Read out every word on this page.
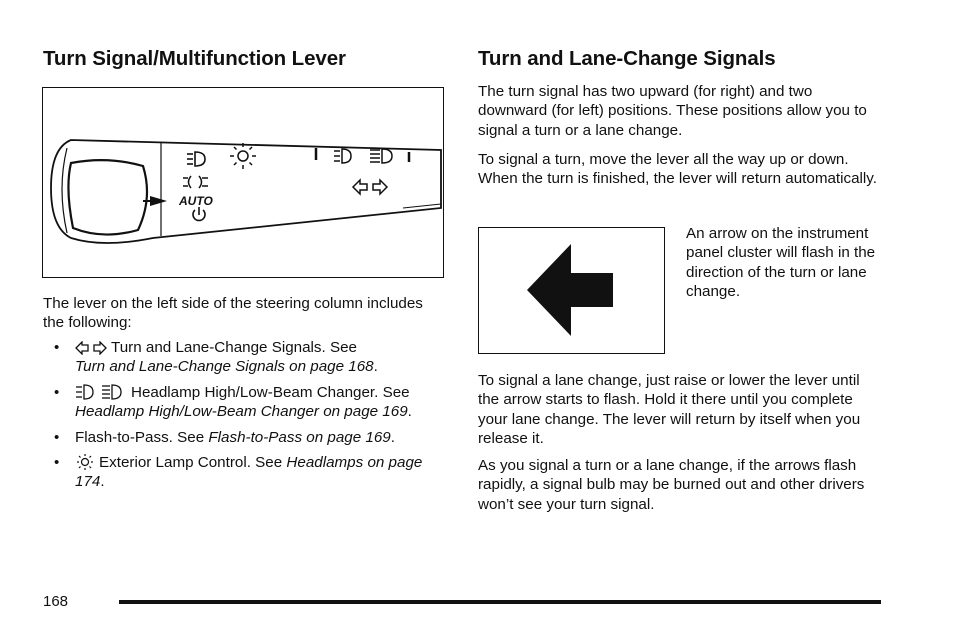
Turn Signal/Multifunction Lever
AUTO

The lever on the left side of the steering column includes the following:

•	Turn and Lane-Change Signals. See
Turn and Lane-Change Signals on page 168.
•	Headlamp High/Low-Beam Changer. See Headlamp High/Low-Beam Changer on page 169.
• Flash-to-Pass. See Flash-to-Pass on page 169.
•	Exterior Lamp Control. See Headlamps on page 174.
Turn and Lane-Change Signals

The turn signal has two upward (for right) and two downward (for left) positions. These positions allow you to signal a turn or a lane change.

To signal a turn, move the lever all the way up or down. When the turn is finished, the lever will return automatically.

An arrow on the instrument panel cluster will flash in the direction of the turn or lane change.

To signal a lane change, just raise or lower the lever until the arrow starts to flash. Hold it there until you complete your lane change. The lever will return by itself when you release it.

As you signal a turn or a lane change, if the arrows flash rapidly, a signal bulb may be burned out and other drivers won’t see your turn signal.

168
